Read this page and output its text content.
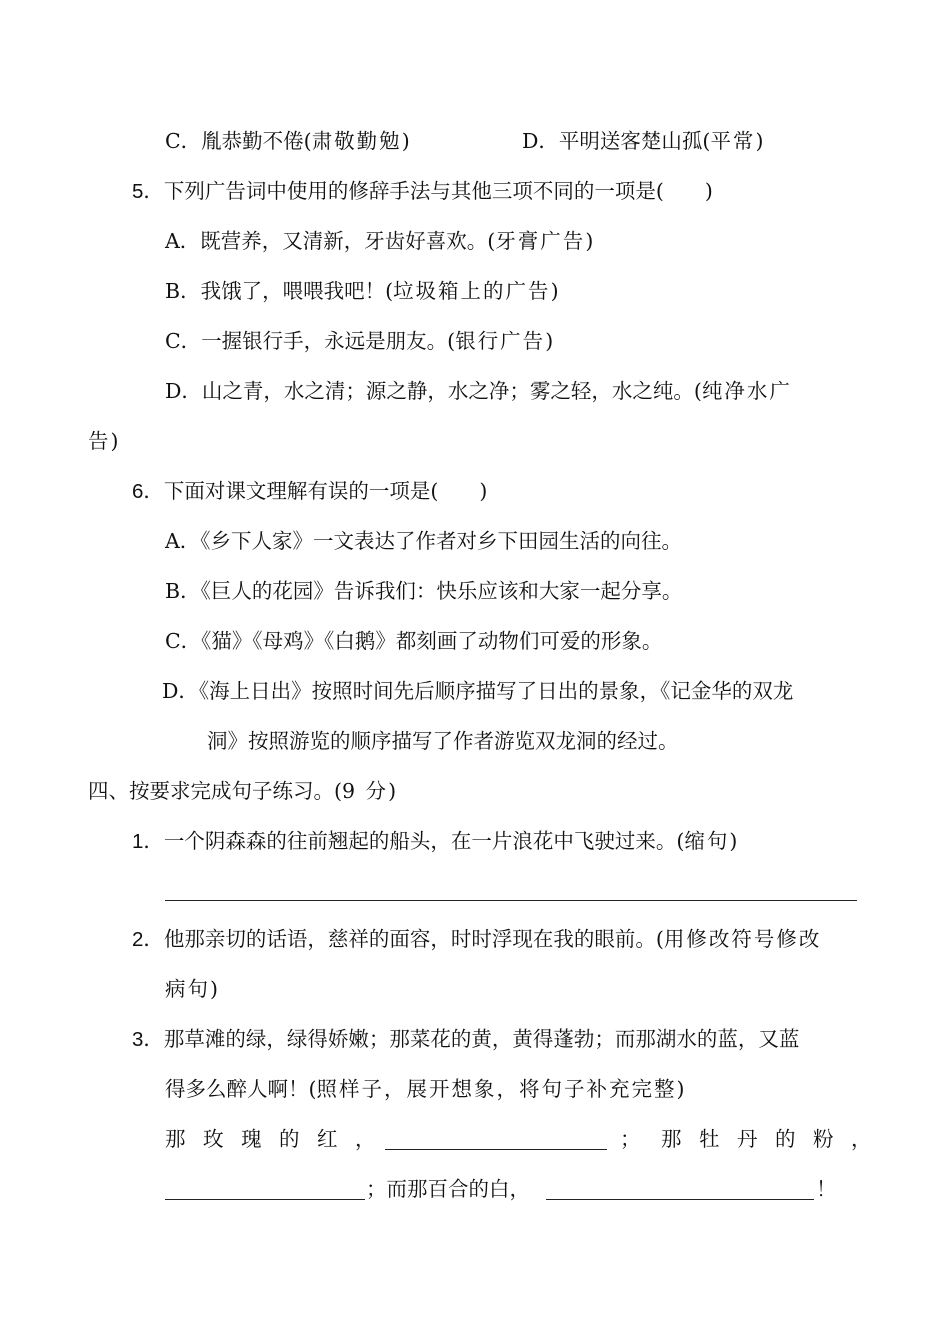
C．胤恭勤不倦(肃敬勤勉)	D．平明送客楚山孤(平常)
5．下列广告词中使用的修辞手法与其他三项不同的一项是(　　)
A．既营养，又清新，牙齿好喜欢。(牙膏广告)
B．我饿了，喂喂我吧！(垃圾箱上的广告)
C．一握银行手，永远是朋友。(银行广告)
D．山之青，水之清；源之静，水之净；雾之轻，水之纯。(纯净水广
告)
6．下面对课文理解有误的一项是(　　)
A．《乡下人家》一文表达了作者对乡下田园生活的向往。
B．《巨人的花园》告诉我们：快乐应该和大家一起分享。
C．《猫》《母鸡》《白鹅》都刻画了动物们可爱的形象。
D．《海上日出》按照时间先后顺序描写了日出的景象，《记金华的双龙
洞》按照游览的顺序描写了作者游览双龙洞的经过。
四、按要求完成句子练习。(9 分)
1．一个阴森森的往前翘起的船头，在一片浪花中飞驶过来。(缩句)
2．他那亲切的话语，慈祥的面容，时时浮现在我的眼前。(用修改符号修改
病句)
3．那草滩的绿，绿得娇嫩；那菜花的黄，黄得蓬勃；而那湖水的蓝，又蓝
得多么醉人啊！(照样子，展开想象，将句子补充完整)
那玫瑰的红，	； 那牡丹的粉，
；而那百合的白，	！
